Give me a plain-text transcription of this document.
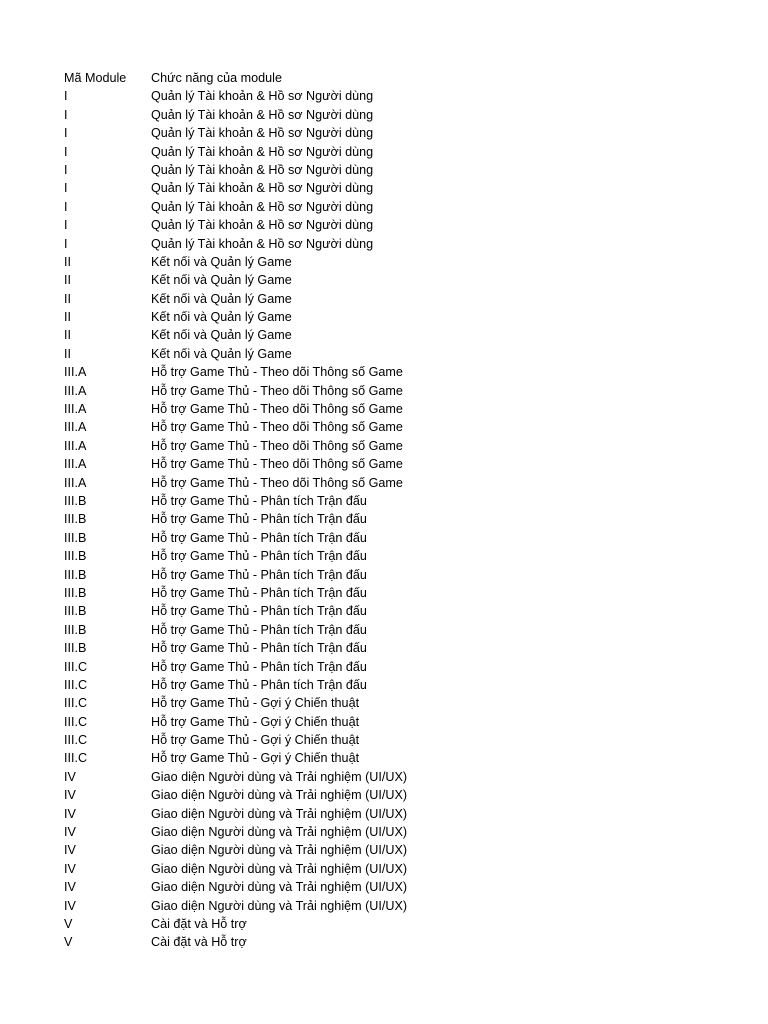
Mã Module	Chức năng của module
I	Quản lý Tài khoản & Hồ sơ Người dùng
I	Quản lý Tài khoản & Hồ sơ Người dùng
I	Quản lý Tài khoản & Hồ sơ Người dùng
I	Quản lý Tài khoản & Hồ sơ Người dùng
I	Quản lý Tài khoản & Hồ sơ Người dùng
I	Quản lý Tài khoản & Hồ sơ Người dùng
I	Quản lý Tài khoản & Hồ sơ Người dùng
I	Quản lý Tài khoản & Hồ sơ Người dùng
I	Quản lý Tài khoản & Hồ sơ Người dùng
II	Kết nối và Quản lý Game
II	Kết nối và Quản lý Game
II	Kết nối và Quản lý Game
II	Kết nối và Quản lý Game
II	Kết nối và Quản lý Game
II	Kết nối và Quản lý Game
III.A	Hỗ trợ Game Thủ - Theo dõi Thông số Game
III.A	Hỗ trợ Game Thủ - Theo dõi Thông số Game
III.A	Hỗ trợ Game Thủ - Theo dõi Thông số Game
III.A	Hỗ trợ Game Thủ - Theo dõi Thông số Game
III.A	Hỗ trợ Game Thủ - Theo dõi Thông số Game
III.A	Hỗ trợ Game Thủ - Theo dõi Thông số Game
III.A	Hỗ trợ Game Thủ - Theo dõi Thông số Game
III.B	Hỗ trợ Game Thủ - Phân tích Trận đấu
III.B	Hỗ trợ Game Thủ - Phân tích Trận đấu
III.B	Hỗ trợ Game Thủ - Phân tích Trận đấu
III.B	Hỗ trợ Game Thủ - Phân tích Trận đấu
III.B	Hỗ trợ Game Thủ - Phân tích Trận đấu
III.B	Hỗ trợ Game Thủ - Phân tích Trận đấu
III.B	Hỗ trợ Game Thủ - Phân tích Trận đấu
III.B	Hỗ trợ Game Thủ - Phân tích Trận đấu
III.B	Hỗ trợ Game Thủ - Phân tích Trận đấu
III.C	Hỗ trợ Game Thủ - Phân tích Trận đấu
III.C	Hỗ trợ Game Thủ - Phân tích Trận đấu
III.C	Hỗ trợ Game Thủ - Gợi ý Chiến thuật
III.C	Hỗ trợ Game Thủ - Gợi ý Chiến thuật
III.C	Hỗ trợ Game Thủ - Gợi ý Chiến thuật
III.C	Hỗ trợ Game Thủ - Gợi ý Chiến thuật
IV	Giao diện Người dùng và Trải nghiệm (UI/UX)
IV	Giao diện Người dùng và Trải nghiệm (UI/UX)
IV	Giao diện Người dùng và Trải nghiệm (UI/UX)
IV	Giao diện Người dùng và Trải nghiệm (UI/UX)
IV	Giao diện Người dùng và Trải nghiệm (UI/UX)
IV	Giao diện Người dùng và Trải nghiệm (UI/UX)
IV	Giao diện Người dùng và Trải nghiệm (UI/UX)
IV	Giao diện Người dùng và Trải nghiệm (UI/UX)
V	Cài đặt và Hỗ trợ
V	Cài đặt và Hỗ trợ
